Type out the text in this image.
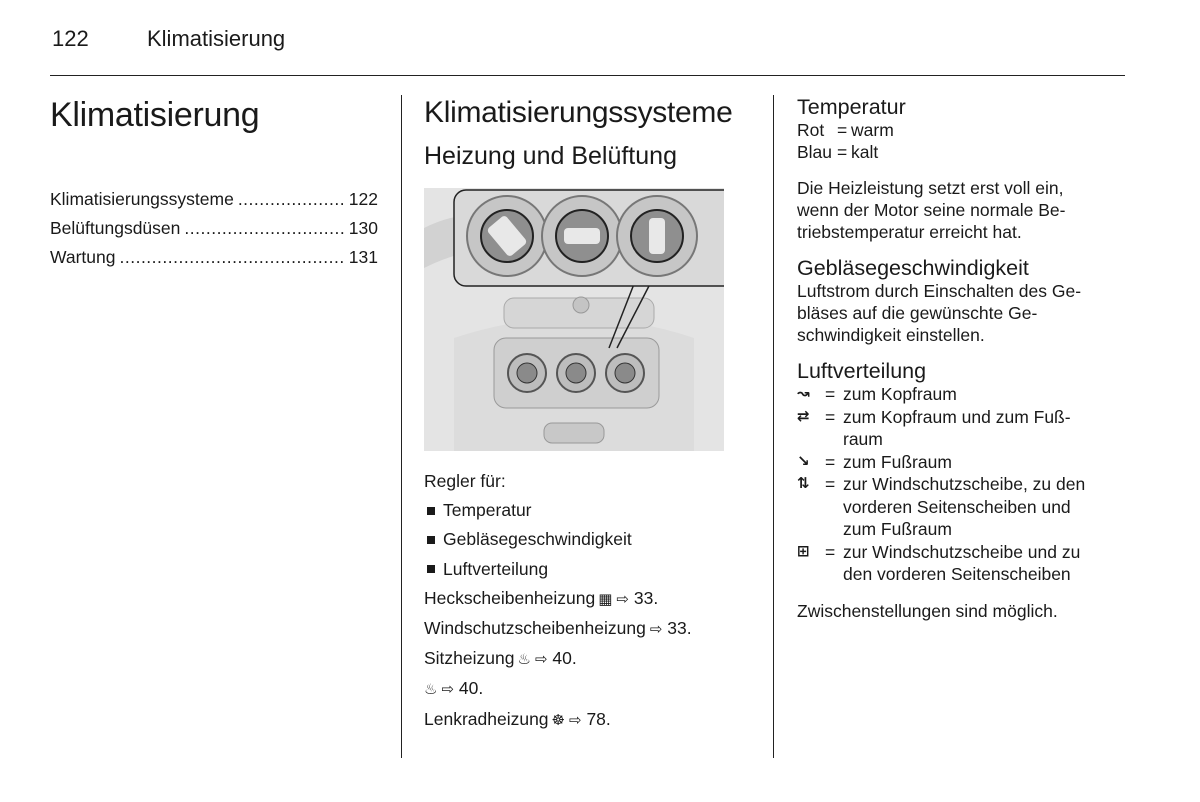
122	Klimatisierung
Klimatisierung
Klimatisierungssysteme .....	122
Belüftungsdüsen .....	130
Wartung .....	131
Klimatisierungssysteme
Heizung und Belüftung
Regler für:
Temperatur
Gebläsegeschwindigkeit
Luftverteilung
Heckscheibenheizung ▦ ⇨ 33.
Windschutzscheibenheizung ⇨ 33.
Sitzheizung ♨ ⇨ 40.
♨ ⇨ 40.
Lenkradheizung ☸ ⇨ 78.
Temperatur
Rot = warm
Blau = kalt
Die Heizleistung setzt erst voll ein,
wenn der Motor seine normale Be-
triebstemperatur erreicht hat.
Gebläsegeschwindigkeit
Luftstrom durch Einschalten des Ge-
bläses auf die gewünschte Ge-
schwindigkeit einstellen.
Luftverteilung
↝ = zum Kopfraum
⇄ = zum Kopfraum und zum Fuß-
raum
↘ = zum Fußraum
⇅ = zur Windschutzscheibe, zu den
vorderen Seitenscheiben und
zum Fußraum
⊞ = zur Windschutzscheibe und zu
den vorderen Seitenscheiben
Zwischenstellungen sind möglich.
